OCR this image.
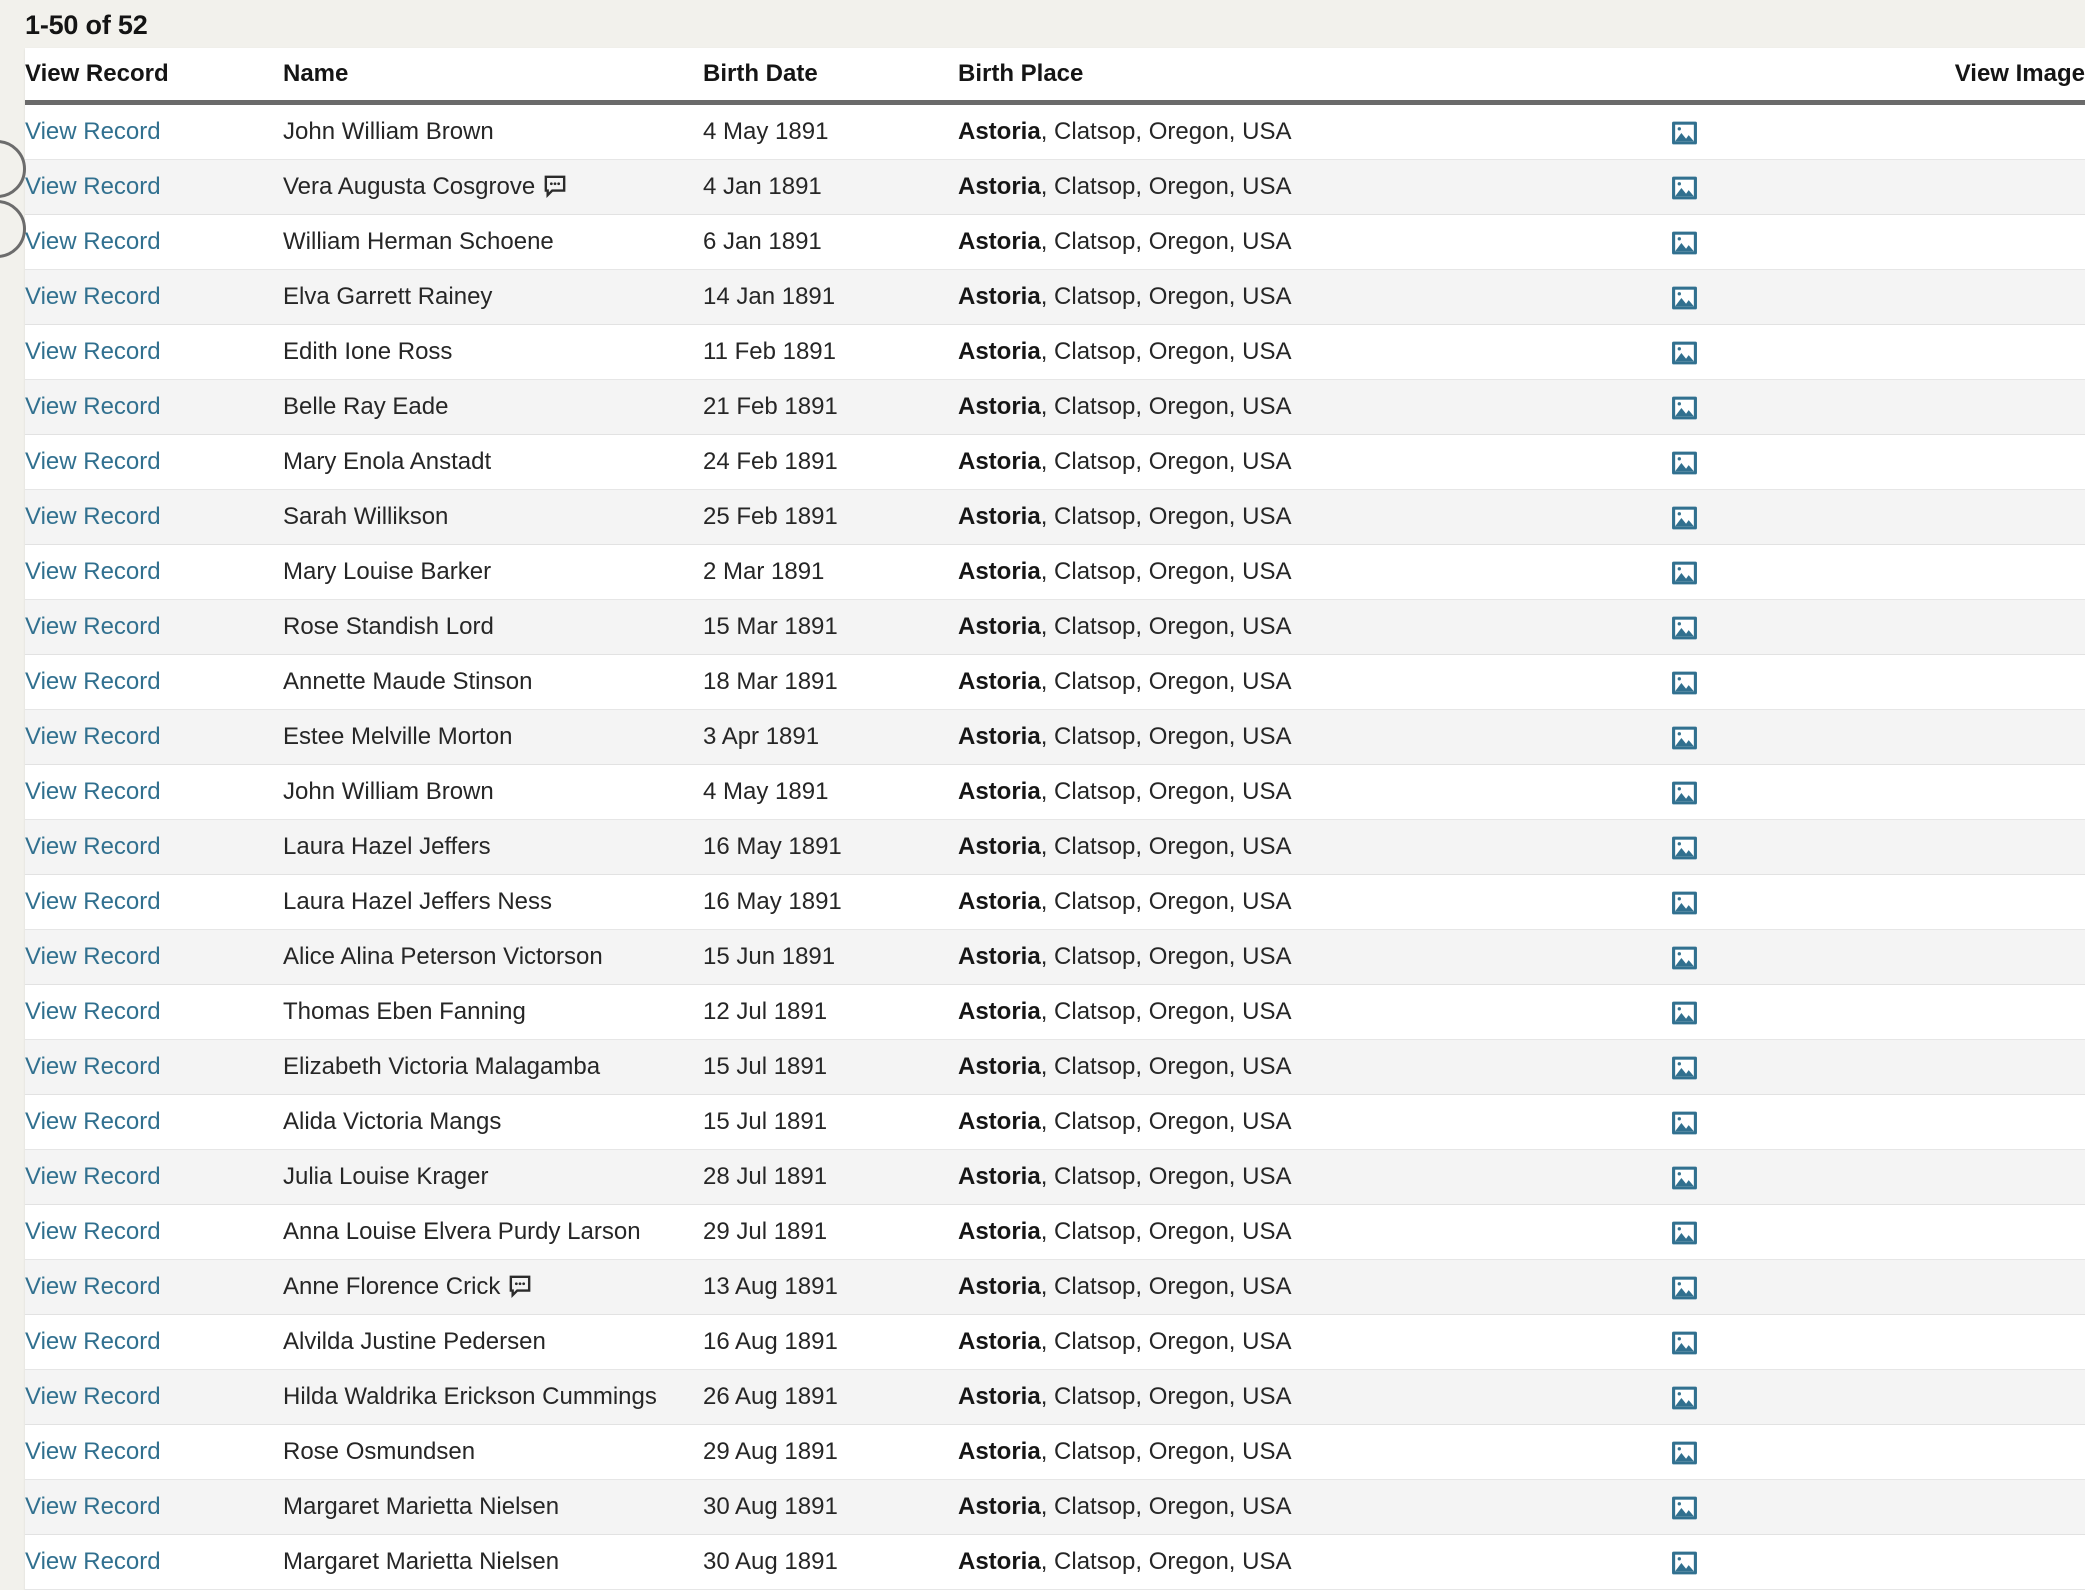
1-50 of 52
View Record	Name	Birth Date	Birth Place	View Image
View Record	John William Brown	4 May 1891	Astoria, Clatsop, Oregon, USA	

View Record	Vera Augusta Cosgrove	4 Jan 1891	Astoria, Clatsop, Oregon, USA	

View Record	William Herman Schoene	6 Jan 1891	Astoria, Clatsop, Oregon, USA	

View Record	Elva Garrett Rainey	14 Jan 1891	Astoria, Clatsop, Oregon, USA	

View Record	Edith Ione Ross	11 Feb 1891	Astoria, Clatsop, Oregon, USA	

View Record	Belle Ray Eade	21 Feb 1891	Astoria, Clatsop, Oregon, USA	

View Record	Mary Enola Anstadt	24 Feb 1891	Astoria, Clatsop, Oregon, USA	

View Record	Sarah Willikson	25 Feb 1891	Astoria, Clatsop, Oregon, USA	

View Record	Mary Louise Barker	2 Mar 1891	Astoria, Clatsop, Oregon, USA	

View Record	Rose Standish Lord	15 Mar 1891	Astoria, Clatsop, Oregon, USA	

View Record	Annette Maude Stinson	18 Mar 1891	Astoria, Clatsop, Oregon, USA	

View Record	Estee Melville Morton	3 Apr 1891	Astoria, Clatsop, Oregon, USA	

View Record	John William Brown	4 May 1891	Astoria, Clatsop, Oregon, USA	

View Record	Laura Hazel Jeffers	16 May 1891	Astoria, Clatsop, Oregon, USA	

View Record	Laura Hazel Jeffers Ness	16 May 1891	Astoria, Clatsop, Oregon, USA	

View Record	Alice Alina Peterson Victorson	15 Jun 1891	Astoria, Clatsop, Oregon, USA	

View Record	Thomas Eben Fanning	12 Jul 1891	Astoria, Clatsop, Oregon, USA	

View Record	Elizabeth Victoria Malagamba	15 Jul 1891	Astoria, Clatsop, Oregon, USA	

View Record	Alida Victoria Mangs	15 Jul 1891	Astoria, Clatsop, Oregon, USA	

View Record	Julia Louise Krager	28 Jul 1891	Astoria, Clatsop, Oregon, USA	

View Record	Anna Louise Elvera Purdy Larson	29 Jul 1891	Astoria, Clatsop, Oregon, USA	

View Record	Anne Florence Crick	13 Aug 1891	Astoria, Clatsop, Oregon, USA	

View Record	Alvilda Justine Pedersen	16 Aug 1891	Astoria, Clatsop, Oregon, USA	

View Record	Hilda Waldrika Erickson Cummings	26 Aug 1891	Astoria, Clatsop, Oregon, USA	

View Record	Rose Osmundsen	29 Aug 1891	Astoria, Clatsop, Oregon, USA	

View Record	Margaret Marietta Nielsen	30 Aug 1891	Astoria, Clatsop, Oregon, USA	

View Record	Margaret Marietta Nielsen	30 Aug 1891	Astoria, Clatsop, Oregon, USA	
